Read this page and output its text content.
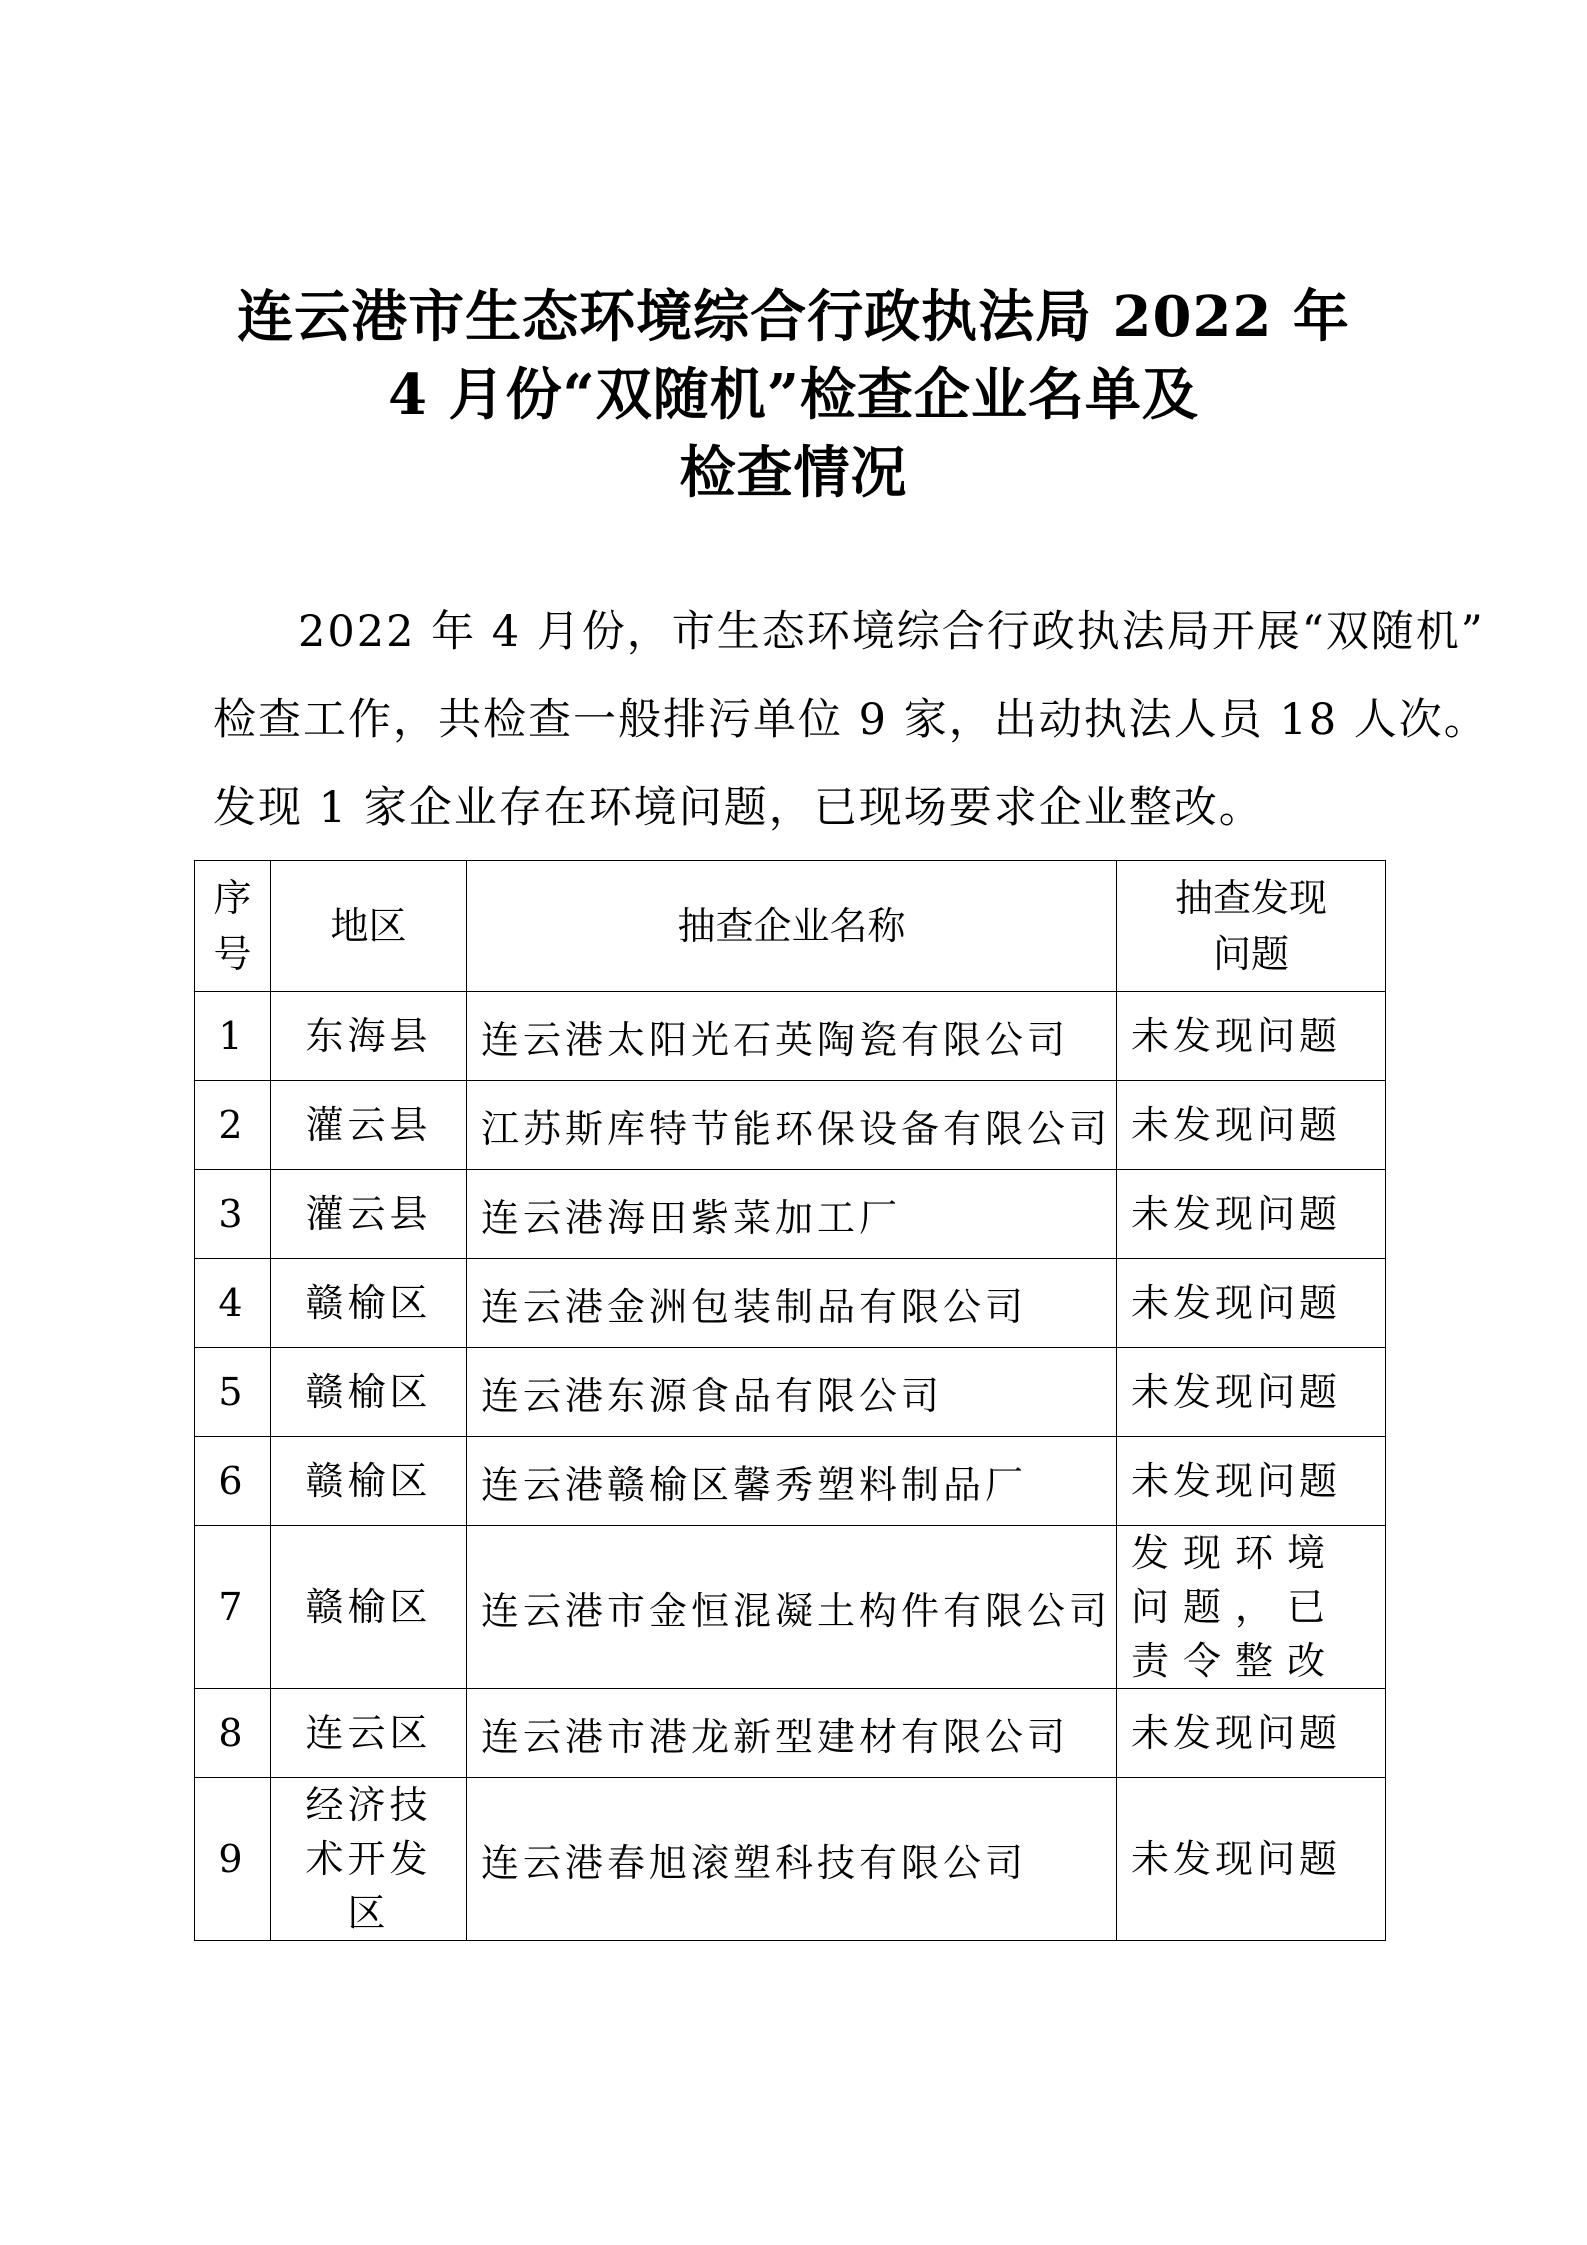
连云港市生态环境综合行政执法局 2022 年
4 月份“双随机”检查企业名单及
检查情况
2022 年 4 月份，市生态环境综合行政执法局开展“双随机”
检查工作，共检查一般排污单位 9 家，出动执法人员 18 人次。
发现 1 家企业存在环境问题，已现场要求企业整改。
序号	地区	抽查企业名称	抽查发现问题
1	东海县	连云港太阳光石英陶瓷有限公司	未发现问题
2	灌云县	江苏斯库特节能环保设备有限公司	未发现问题
3	灌云县	连云港海田紫菜加工厂	未发现问题
4	赣榆区	连云港金洲包装制品有限公司	未发现问题
5	赣榆区	连云港东源食品有限公司	未发现问题
6	赣榆区	连云港赣榆区馨秀塑料制品厂	未发现问题
7	赣榆区	连云港市金恒混凝土构件有限公司	发现环境问题，已责令整改

8	连云区	连云港市港龙新型建材有限公司	未发现问题
9	经济技术开发区	连云港春旭滚塑科技有限公司	未发现问题
